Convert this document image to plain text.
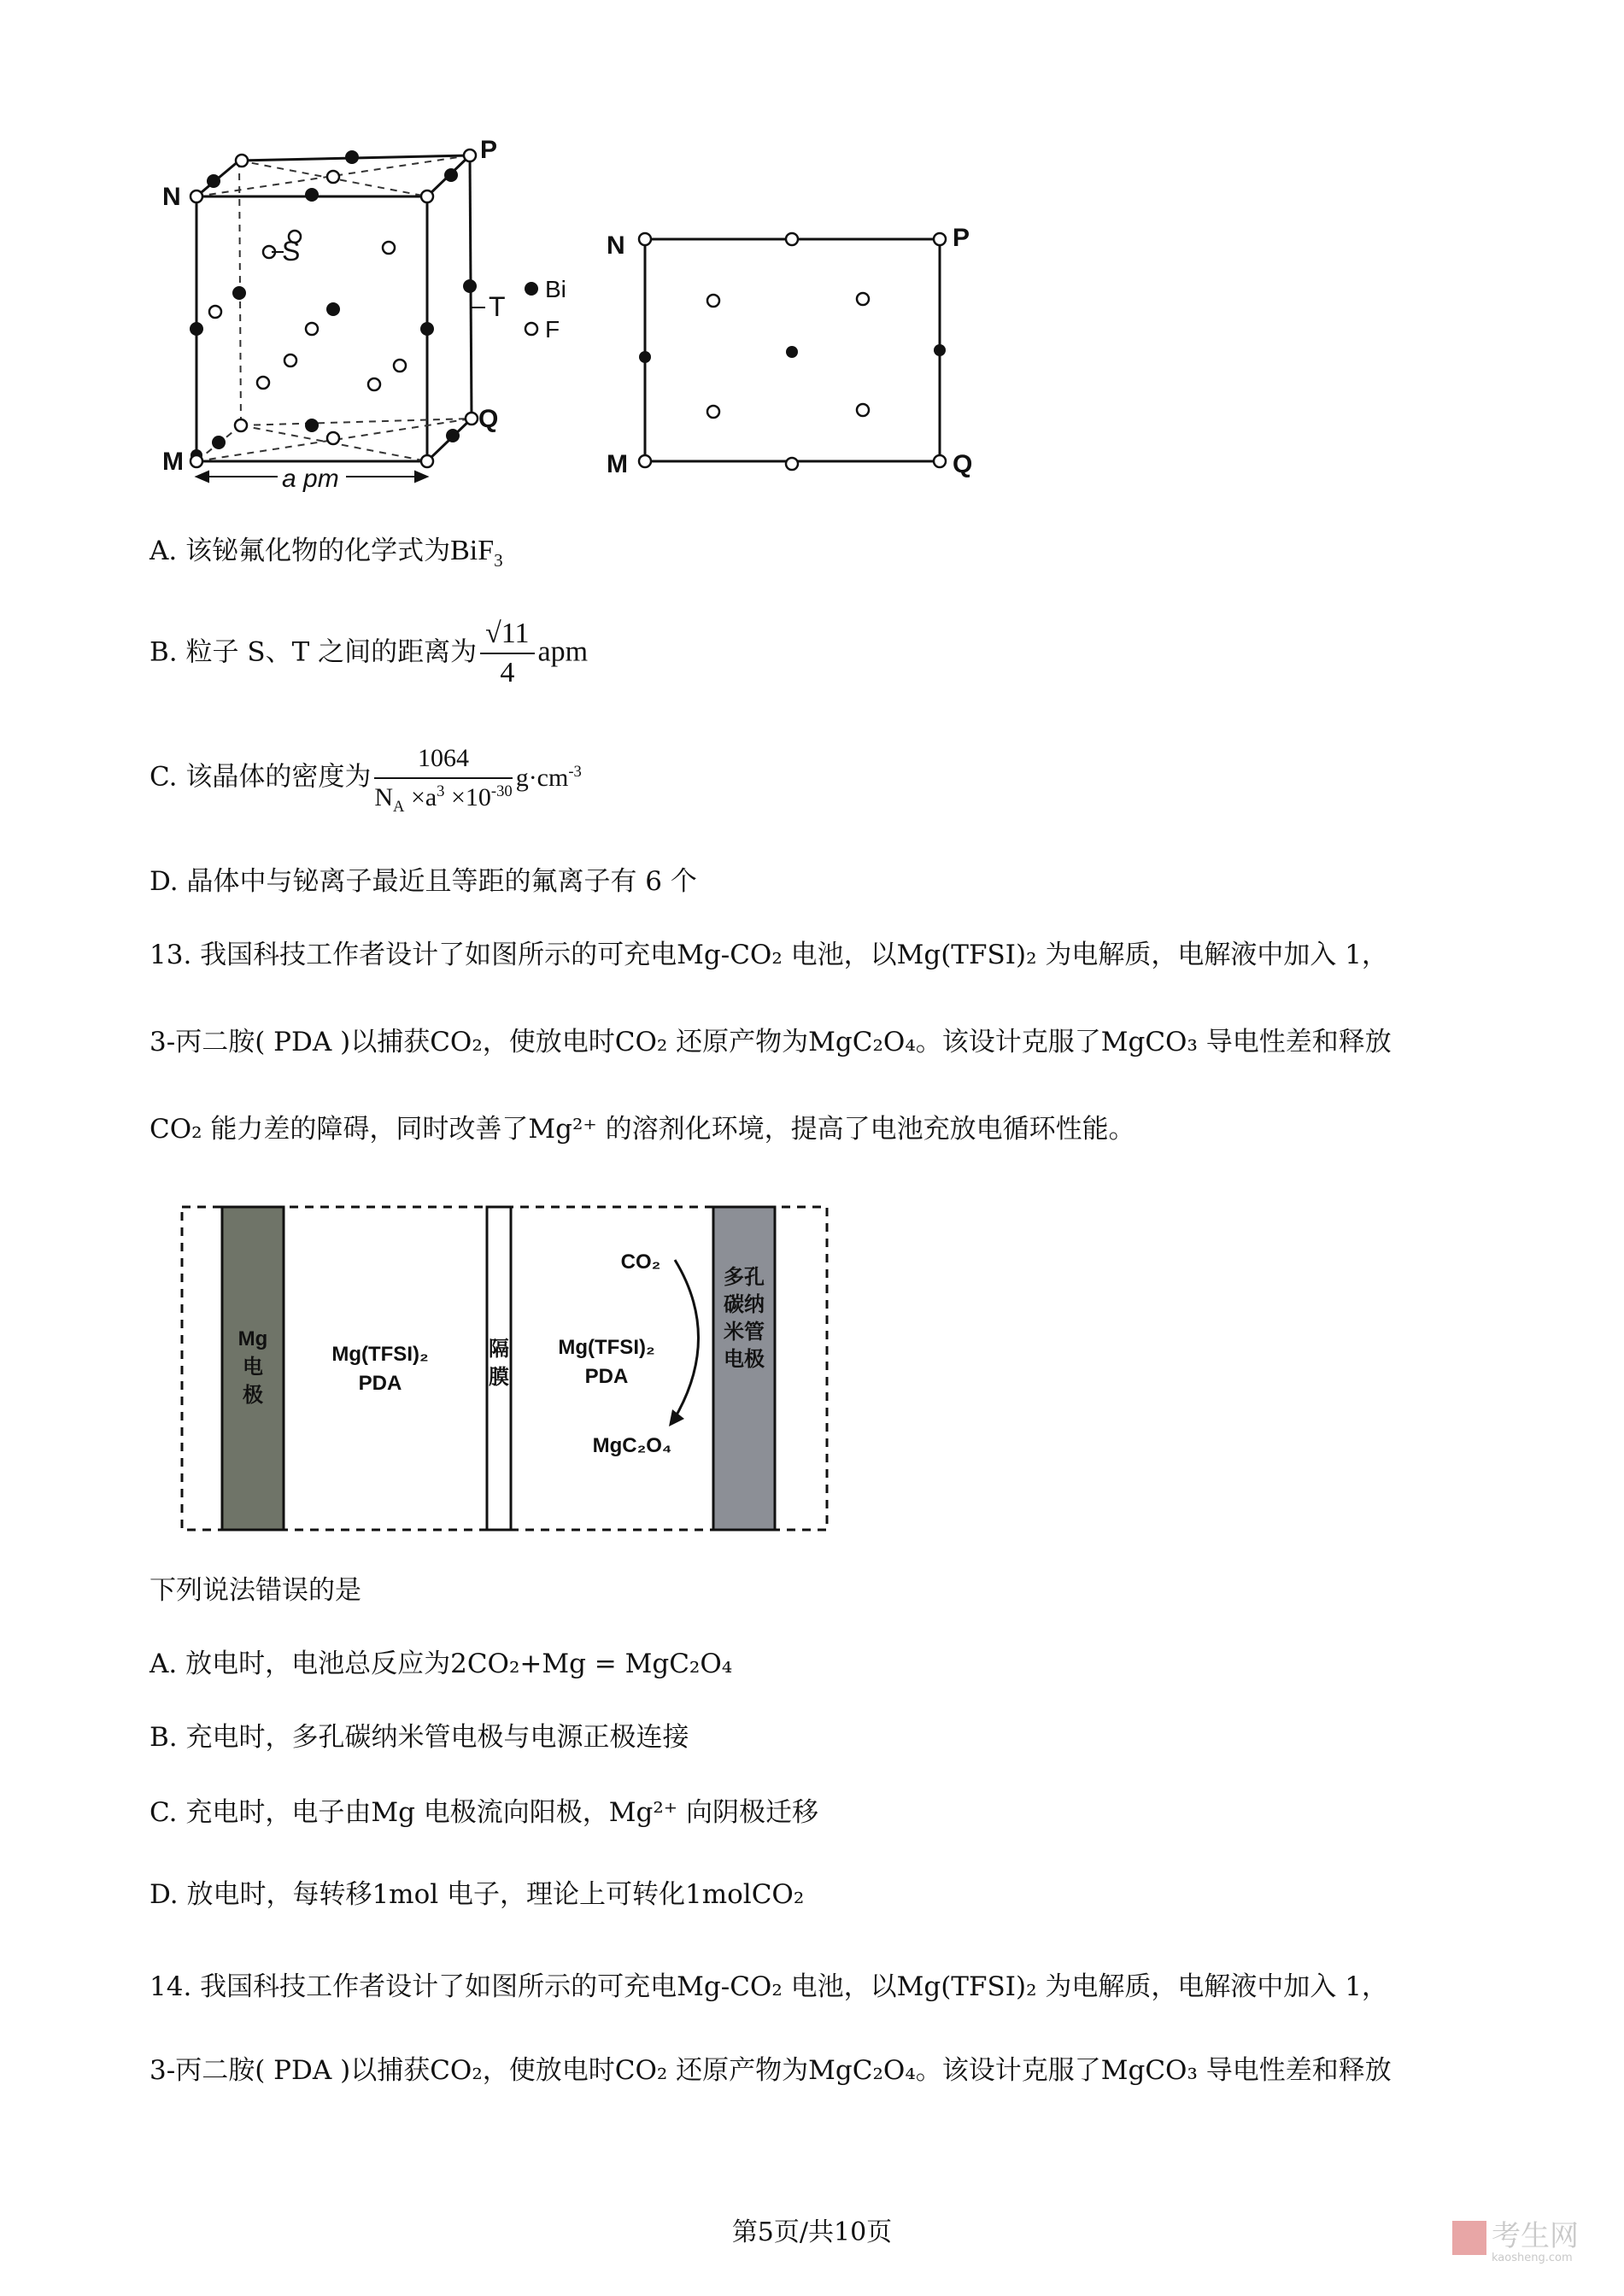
S
T
N
P
M
Q
a pm
Bi
F
N	P
M	Q
A. 该铋氟化物的化学式为BiF$_3$
B. 粒子 S、T 之间的距离为 $\frac{√11}{4}$ apm
C. 该晶体的密度为 $\frac{1064}{N_A \times a^3 \times 10^{-30}} g\cdot cm^{-3}$
D. 晶体中与铋离子最近且等距的氟离子有 6 个
13. 我国科技工作者设计了如图所示的可充电Mg-CO₂ 电池，以Mg(TFSI)₂ 为电解质，电解液中加入 1，
3-丙二胺( PDA )以捕获CO₂，使放电时CO₂ 还原产物为MgC₂O₄。该设计克服了MgCO₃ 导电性差和释放
CO₂ 能力差的障碍，同时改善了Mg²⁺ 的溶剂化环境，提高了电池充放电循环性能。
Mg
电
极
Mg(TFSI)₂
PDA
隔
膜
Mg(TFSI)₂
PDA
CO₂
MgC₂O₄
多孔
碳纳
米管
电极
下列说法错误的是
A. 放电时，电池总反应为2CO₂+Mg = MgC₂O₄
B. 充电时，多孔碳纳米管电极与电源正极连接
C. 充电时，电子由Mg 电极流向阳极，Mg²⁺ 向阴极迁移
D. 放电时，每转移1mol 电子，理论上可转化1molCO₂
14. 我国科技工作者设计了如图所示的可充电Mg-CO₂ 电池，以Mg(TFSI)₂ 为电解质，电解液中加入 1，
3-丙二胺( PDA )以捕获CO₂，使放电时CO₂ 还原产物为MgC₂O₄。该设计克服了MgCO₃ 导电性差和释放
第5页/共10页	考生网
kaosheng.com
